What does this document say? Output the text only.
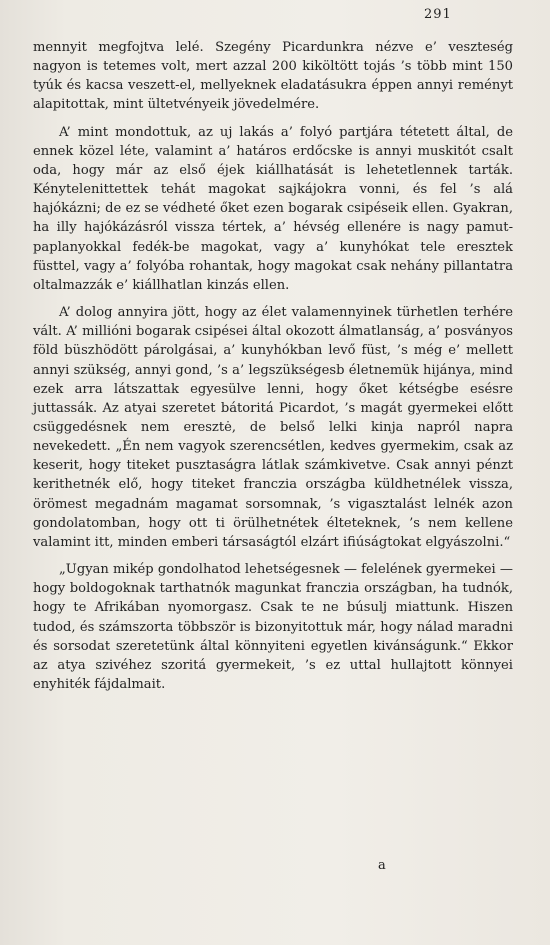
291

mennyit megfojtva lelé. Szegény Picardunkra nézve e’ veszteség nagyon is tetemes volt, mert azzal 200 kiköltött tojás ’s több mint 150 tyúk és kacsa veszett-el, mellyeknek eladatásukra éppen annyi reményt alapitottak, mint ültetvényeik jövedelmére.

A’ mint mondottuk, az uj lakás a’ folyó partjára tétetett által, de ennek közel léte, valamint a’ határos erdőcske is annyi muskitót csalt oda, hogy már az első éjek kiállhatását is lehetetlennek tarták. Kénytelenittettek tehát magokat sajkájokra vonni, és fel ’s alá hajókázni; de ez se védheté őket ezen bogarak csipéseik ellen. Gyakran, ha illy hajókázásról vissza tértek, a’ hévség ellenére is nagy pamut-paplanyokkal fedék-be magokat, vagy a’ kunyhókat tele eresztek füsttel, vagy a’ folyóba rohantak, hogy magokat csak nehány pillantatra oltalmazzák e’ kiállhatlan kinzás ellen.

A’ dolog annyira jött, hogy az élet valamennyinek türhetlen terhére vált. A’ millióni bogarak csipései által okozott álmatlanság, a’ posványos föld büszhödött párolgásai, a’ kunyhókban levő füst, ’s még e’ mellett annyi szükség, annyi gond, ’s a’ legszükségesb életnemük hijánya, mind ezek arra látszattak egyesülve lenni, hogy őket kétségbe esésre juttassák. Az atyai szeretet bátoritá Picardot, ’s magát gyermekei előtt csüggedésnek nem eresztė, de belső lelki kinja napról napra nevekedett. „Én nem vagyok szerencsétlen, kedves gyermekim, csak az keserit, hogy titeket pusztaságra látlak számkivetve. Csak annyi pénzt kerithetnék elő, hogy titeket franczia országba küldhetnélek vissza, örömest megadnám magamat sorsomnak, ’s vigasztalást lelnék azon gondolatomban, hogy ott ti örülhetnétek élteteknek, ’s nem kellene valamint itt, minden emberi társaságtól elzárt ifiúságtokat elgyászolni.“

„Ugyan mikép gondolhatod lehetségesnek — felelének gyermekei — hogy boldogoknak tarthatnók magunkat franczia országban, ha tudnók, hogy te Afrikában nyomorgasz. Csak te ne búsulj miattunk. Hiszen tudod, és számszorta többször is bizonyitottuk már, hogy nálad maradni és sorsodat szeretetünk által könnyiteni egyetlen kivánságunk.“ Ekkor az atya szivéhez szoritá gyermekeit, ’s ez uttal hullajtott könnyei enyhiték fájdalmait.

a
